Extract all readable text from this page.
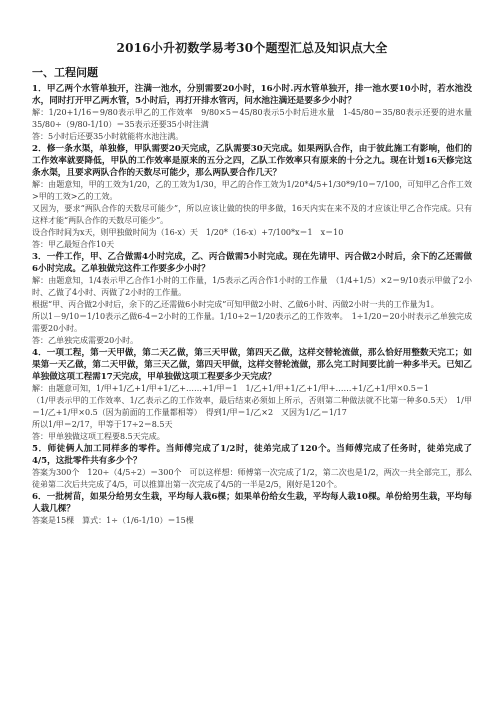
2016小升初数学易考30个题型汇总及知识点大全
一、工程问题

1．甲乙两个水管单独开，注满一池水，分别需要20小时，16小时.丙水管单独开，排一池水要10小时，若水池没水，同时打开甲乙两水管，5小时后，再打开排水管丙，问水池注满还是要多少小时？

解：1/20+1/16＝9/80表示甲乙的工作效率　9/80×5＝45/80表示5小时后进水量　1-45/80＝35/80表示还要的进水量　35/80÷（9/80-1/10）＝35表示还要35小时注满

答：5小时后还要35小时就能将水池注满。

2．修一条水渠，单独修，甲队需要20天完成，乙队需要30天完成。如果两队合作，由于彼此施工有影响，他们的工作效率就要降低，甲队的工作效率是原来的五分之四，乙队工作效率只有原来的十分之九。现在计划16天修完这条水渠，且要求两队合作的天数尽可能少，那么两队要合作几天？

解：由题意知，甲的工效为1/20，乙的工效为1/30，甲乙的合作工效为1/20*4/5+1/30*9/10＝7/100，可知甲乙合作工效>甲的工效>乙的工效。

又因为，要求“两队合作的天数尽可能少”，所以应该让做的快的甲多做，16天内实在来不及的才应该让甲乙合作完成。只有这样才能“两队合作的天数尽可能少”。

设合作时间为x天，则甲独做时间为（16-x）天　1/20*（16-x）+7/100*x＝1　x＝10

答：甲乙最短合作10天

3．一件工作，甲、乙合做需4小时完成，乙、丙合做需5小时完成。现在先请甲、丙合做2小时后，余下的乙还需做6小时完成。乙单独做完这件工作要多少小时？

解：由题意知，1/4表示甲乙合作1小时的工作量，1/5表示乙丙合作1小时的工作量　（1/4+1/5）×2＝9/10表示甲做了2小时、乙做了4小时、丙做了2小时的工作量。

根据“甲、丙合做2小时后，余下的乙还需做6小时完成”可知甲做2小时、乙做6小时、丙做2小时一共的工作量为1。

所以1－9/10＝1/10表示乙做6-4＝2小时的工作量。1/10÷2＝1/20表示乙的工作效率。　1÷1/20＝20小时表示乙单独完成需要20小时。

答：乙单独完成需要20小时。

4．一项工程，第一天甲做，第二天乙做，第三天甲做，第四天乙做，这样交替轮流做，那么恰好用整数天完工；如果第一天乙做，第二天甲做，第三天乙做，第四天甲做，这样交替轮流做，那么完工时间要比前一种多半天。已知乙单独做这项工程需17天完成，甲单独做这项工程要多少天完成？

解：由题意可知，1/甲+1/乙+1/甲+1/乙+……+1/甲＝1　1/乙+1/甲+1/乙+1/甲+……+1/乙+1/甲×0.5＝1

（1/甲表示甲的工作效率、1/乙表示乙的工作效率，最后结束必须如上所示，否则第二种做法就不比第一种多0.5天）　1/甲＝1/乙+1/甲×0.5（因为前面的工作量都相等）　得到1/甲＝1/乙×2　又因为1/乙＝1/17

所以1/甲＝2/17，甲等于17÷2＝8.5天

答：甲单独做这项工程要8.5天完成。

5．师徒俩人加工同样多的零件。当师傅完成了1/2时，徒弟完成了120个。当师傅完成了任务时，徒弟完成了4/5，这批零件共有多少个？

答案为300个　120÷（4/5÷2）＝300个　可以这样想：师傅第一次完成了1/2，第二次也是1/2，两次一共全部完工，那么徒弟第二次后共完成了4/5，可以推算出第一次完成了4/5的一半是2/5，刚好是120个。

6．一批树苗，如果分给男女生栽，平均每人栽6棵；如果单份给女生栽，平均每人栽10棵。单份给男生栽，平均每人栽几棵？

答案是15棵　算式：1÷（1/6-1/10）＝15棵
